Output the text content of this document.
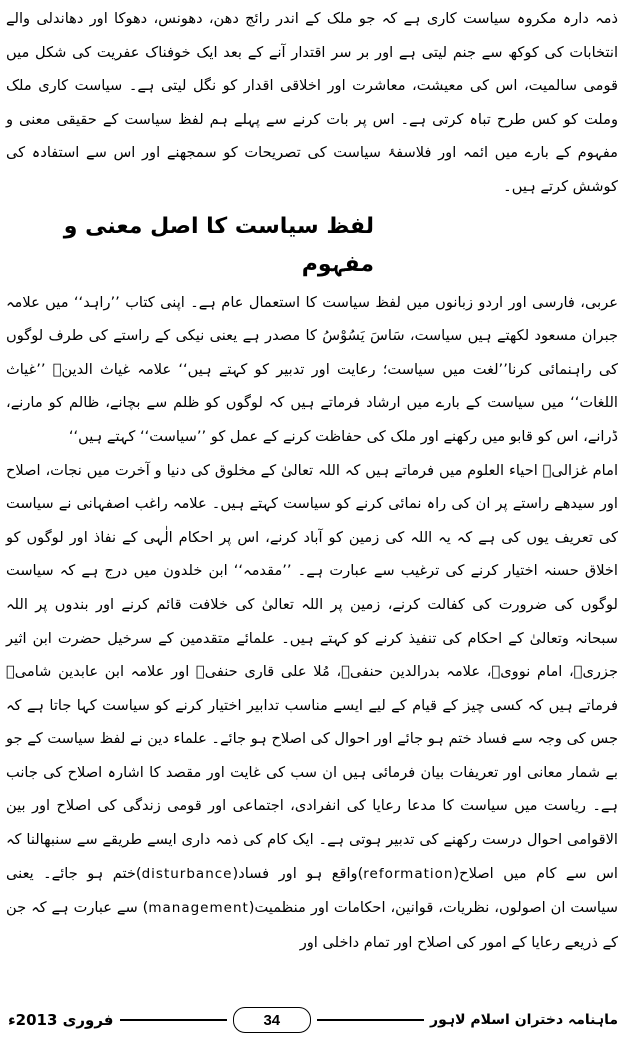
ذمہ دارہ مکروہ سیاست کاری ہے کہ جو ملک کے اندر رائج دھن، دھونس، دھوکا اور دھاندلی والے انتخابات کی کوکھ سے جنم لیتی ہے اور بر سر اقتدار آنے کے بعد ایک خوفناک عفریت کی شکل میں قومی سالمیت، اس کی معیشت، معاشرت اور اخلاقی اقدار کو نگل لیتی ہے۔ سیاست کاری ملک وملت کو کس طرح تباہ کرتی ہے۔ اس پر بات کرنے سے پہلے ہم لفظ سیاست کے حقیقی معنی و مفہوم کے بارے میں ائمہ اور فلاسفۂ سیاست کی تصریحات کو سمجھنے اور اس سے استفادہ کی کوشش کرتے ہیں۔

لفظ سیاست کا اصل معنی و مفہوم

عربی، فارسی اور اردو زبانوں میں لفظ سیاست کا استعمال عام ہے۔ اپنی کتاب ’’راہد‘‘ میں علامہ جبران مسعود لکھتے ہیں سیاست، سَاسَ یَسُوْسُ کا مصدر ہے یعنی نیکی کے راستے کی طرف لوگوں کی راہنمائی کرنا’’لغت میں سیاست؛ رعایت اور تدبیر کو کہتے ہیں‘‘ علامہ غیاث الدینؒ ’’غیاث اللغات‘‘ میں سیاست کے بارے میں ارشاد فرماتے ہیں کہ لوگوں کو ظلم سے بچانے، ظالم کو مارنے، ڈرانے، اس کو قابو میں رکھنے اور ملک کی حفاظت کرنے کے عمل کو ’’سیاست‘‘ کہتے ہیں‘‘

امام غزالیؒ احیاء العلوم میں فرماتے ہیں کہ اللہ تعالیٰ کے مخلوق کی دنیا و آخرت میں نجات، اصلاح اور سیدھے راستے پر ان کی راہ نمائی کرنے کو سیاست کہتے ہیں۔ علامہ راغب اصفہانی نے سیاست کی تعریف یوں کی ہے کہ یہ اللہ کی زمین کو آباد کرنے، اس پر احکام الٰہی کے نفاذ اور لوگوں کو اخلاق حسنہ اختیار کرنے کی ترغیب سے عبارت ہے۔ ’’مقدمہ‘‘ ابن خلدون میں درج ہے کہ سیاست لوگوں کی ضرورت کی کفالت کرنے، زمین پر اللہ تعالیٰ کی خلافت قائم کرنے اور بندوں پر اللہ سبحانہ وتعالیٰ کے احکام کی تنفیذ کرنے کو کہتے ہیں۔ علمائے متقدمین کے سرخیل حضرت ابن اثیر جزریؒ، امام نوویؒ، علامہ بدرالدین حنفیؒ، مُلا علی قاری حنفیؒ اور علامہ ابن عابدین شامیؒ فرماتے ہیں کہ کسی چیز کے قیام کے لیے ایسے مناسب تدابیر اختیار کرنے کو سیاست کہا جاتا ہے کہ جس کی وجہ سے فساد ختم ہو جائے اور احوال کی اصلاح ہو جائے۔ علماء دین نے لفظ سیاست کے جو بے شمار معانی اور تعریفات بیان فرمائی ہیں ان سب کی غایت اور مقصد کا اشارہ اصلاح کی جانب ہے۔ ریاست میں سیاست کا مدعا رعایا کی انفرادی، اجتماعی اور قومی زندگی کی اصلاح اور بین الاقوامی احوال درست رکھنے کی تدبیر ہوتی ہے۔ ایک کام کی ذمہ داری ایسے طریقے سے سنبھالنا کہ اس سے کام میں اصلاح(reformation)واقع ہو اور فساد(disturbance)ختم ہو جائے۔ یعنی سیاست ان اصولوں، نظریات، قوانین، احکامات اور منظمیت(management) سے عبارت ہے کہ جن کے ذریعے رعایا کے امور کی اصلاح اور تمام داخلی اور

فروری 2013ء	34	ماہنامہ دختران اسلام لاہور
